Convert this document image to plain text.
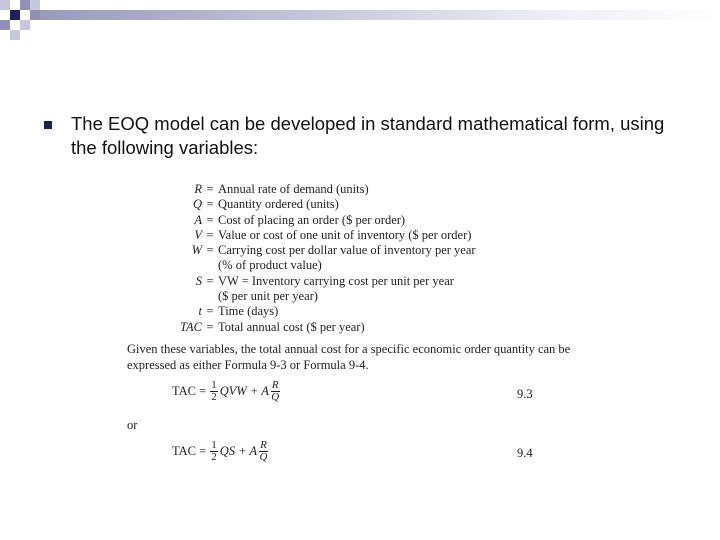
The EOQ model can be developed in standard mathematical form, using the following variables:
R = Annual rate of demand (units)
Q = Quantity ordered (units)
A = Cost of placing an order ($ per order)
V = Value or cost of one unit of inventory ($ per order)
W = Carrying cost per dollar value of inventory per year
(% of product value)
S = VW = Inventory carrying cost per unit per year
($ per unit per year)
t = Time (days)
TAC = Total annual cost ($ per year)
Given these variables, the total annual cost for a specific economic order quantity can be expressed as either Formula 9-3 or Formula 9-4.
TAC = $\frac{1}{2}$ QVW + A $\frac{R}{Q}$	9.3
or
TAC = $\frac{1}{2}$ QS + A $\frac{R}{Q}$	9.4
